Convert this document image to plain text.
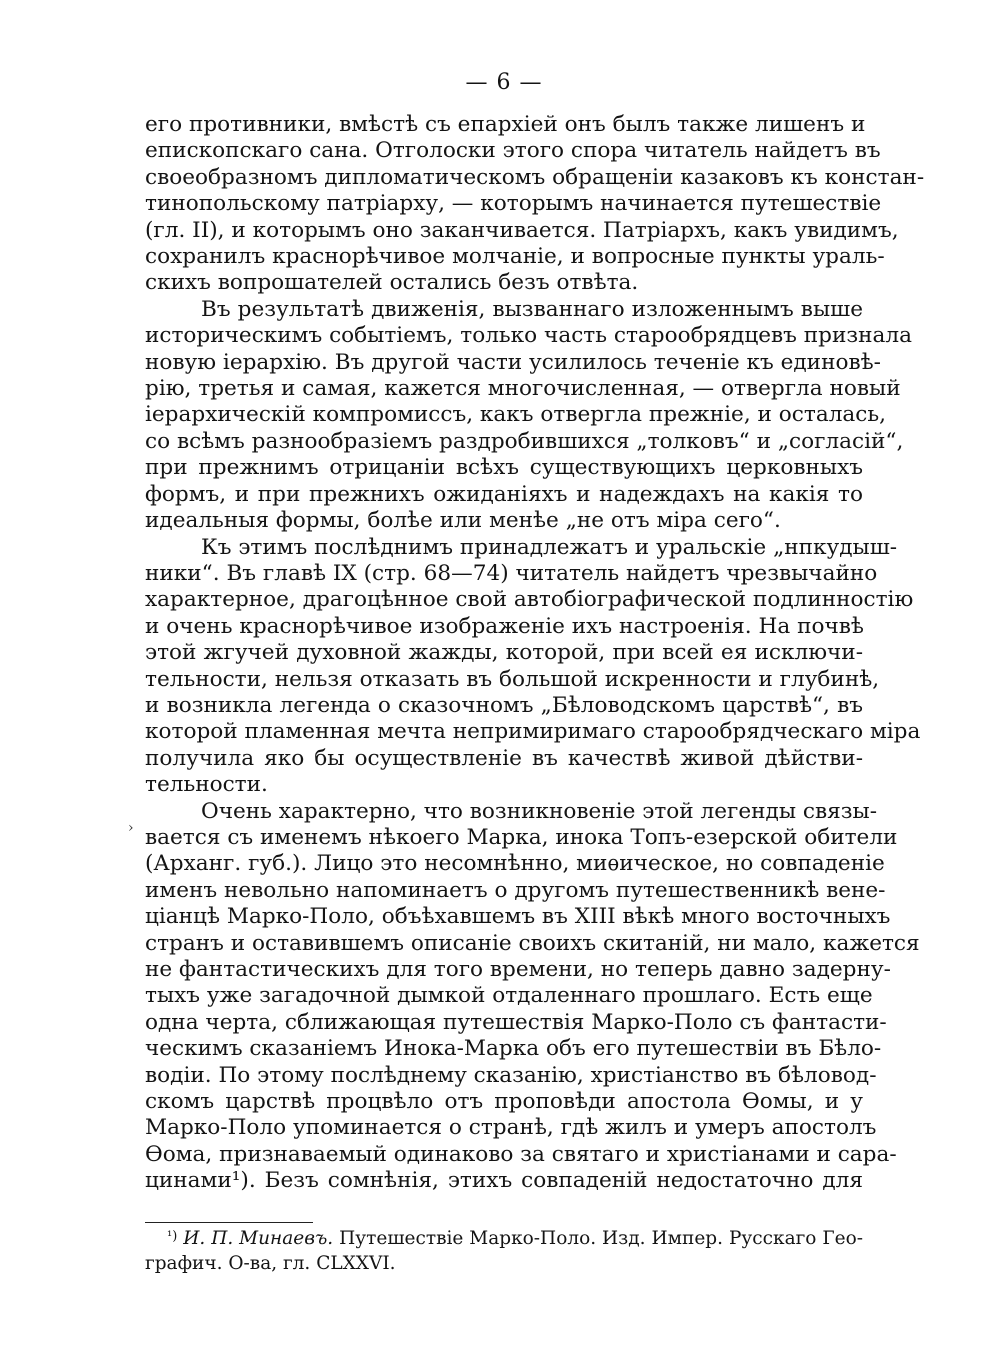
— 6 —

его противники, вмѣстѣ съ епархіей онъ былъ также лишенъ и
епископскаго сана. Отголоски этого спора читатель найдетъ въ
своеобразномъ дипломатическомъ обращеніи казаковъ къ констан-
тинопольскому патріарху, — которымъ начинается путешествіе
(гл. II), и которымъ оно заканчивается. Патріархъ, какъ увидимъ,
сохранилъ краснорѣчивое молчаніе, и вопросные пункты ураль-
скихъ вопрошателей остались безъ отвѣта.

Въ результатѣ движенія, вызваннаго изложеннымъ выше
историческимъ событіемъ, только часть старообрядцевъ признала
новую іерархію. Въ другой части усилилось теченіе къ единовѣ-
рію, третья и самая, кажется многочисленная, — отвергла новый
іерархическій компромиссъ, какъ отвергла прежніе, и осталась,
со всѣмъ разнообразіемъ раздробившихся „толковъ“ и „согласій“,
при прежнимъ отрицаніи всѣхъ существующихъ церковныхъ
формъ, и при прежнихъ ожиданіяхъ и надеждахъ на какія то
идеальныя формы, болѣе или менѣе „не отъ міра сего“.

Къ этимъ послѣднимъ принадлежатъ и уральскіе „нпкудыш-
ники“. Въ главѣ IX (стр. 68—74) читатель найдетъ чрезвычайно
характерное, драгоцѣнное свой автобіографической подлинностію
и очень краснорѣчивое изображеніе ихъ настроенія. На почвѣ
этой жгучей духовной жажды, которой, при всей ея исключи-
тельности, нельзя отказать въ большой искренности и глубинѣ,
и возникла легенда о сказочномъ „Бѣловодскомъ царствѣ“, въ
которой пламенная мечта непримиримаго старообрядческаго міра
получила яко бы осуществленіе въ качествѣ живой дѣйстви-
тельности.

Очень характерно, что возникновеніе этой легенды связы-
вается съ именемъ нѣкоего Марка, инока Топъ-езерской обители
(Арханг. губ.). Лицо это несомнѣнно, миѳическое, но совпаденіе
именъ невольно напоминаетъ о другомъ путешественникѣ вене-
ціанцѣ Марко-Поло, объѣхавшемъ въ XIII вѣкѣ много восточныхъ
странъ и оставившемъ описаніе своихъ скитаній, ни мало, кажется
не фантастическихъ для того времени, но теперь давно задерну-
тыхъ уже загадочной дымкой отдаленнаго прошлаго. Есть еще
одна черта, сближающая путешествія Марко-Поло съ фантасти-
ческимъ сказаніемъ Инока-Марка объ его путешествіи въ Бѣло-
водіи. По этому послѣднему сказанію, христіанство въ бѣловод-
скомъ царствѣ процвѣло отъ проповѣди апостола Ѳомы, и у
Марко-Поло упоминается о странѣ, гдѣ жилъ и умеръ апостолъ
Ѳома, признаваемый одинаково за святаго и христіанами и сара-
цинами¹). Безъ сомнѣнія, этихъ совпаденій недостаточно для

$^{^1)}$ И. П. Минаевъ. Путешествіе Марко-Поло. Изд. Импер. Русскаго Гео-
графич. О-ва, гл. CLXXVI.
›
